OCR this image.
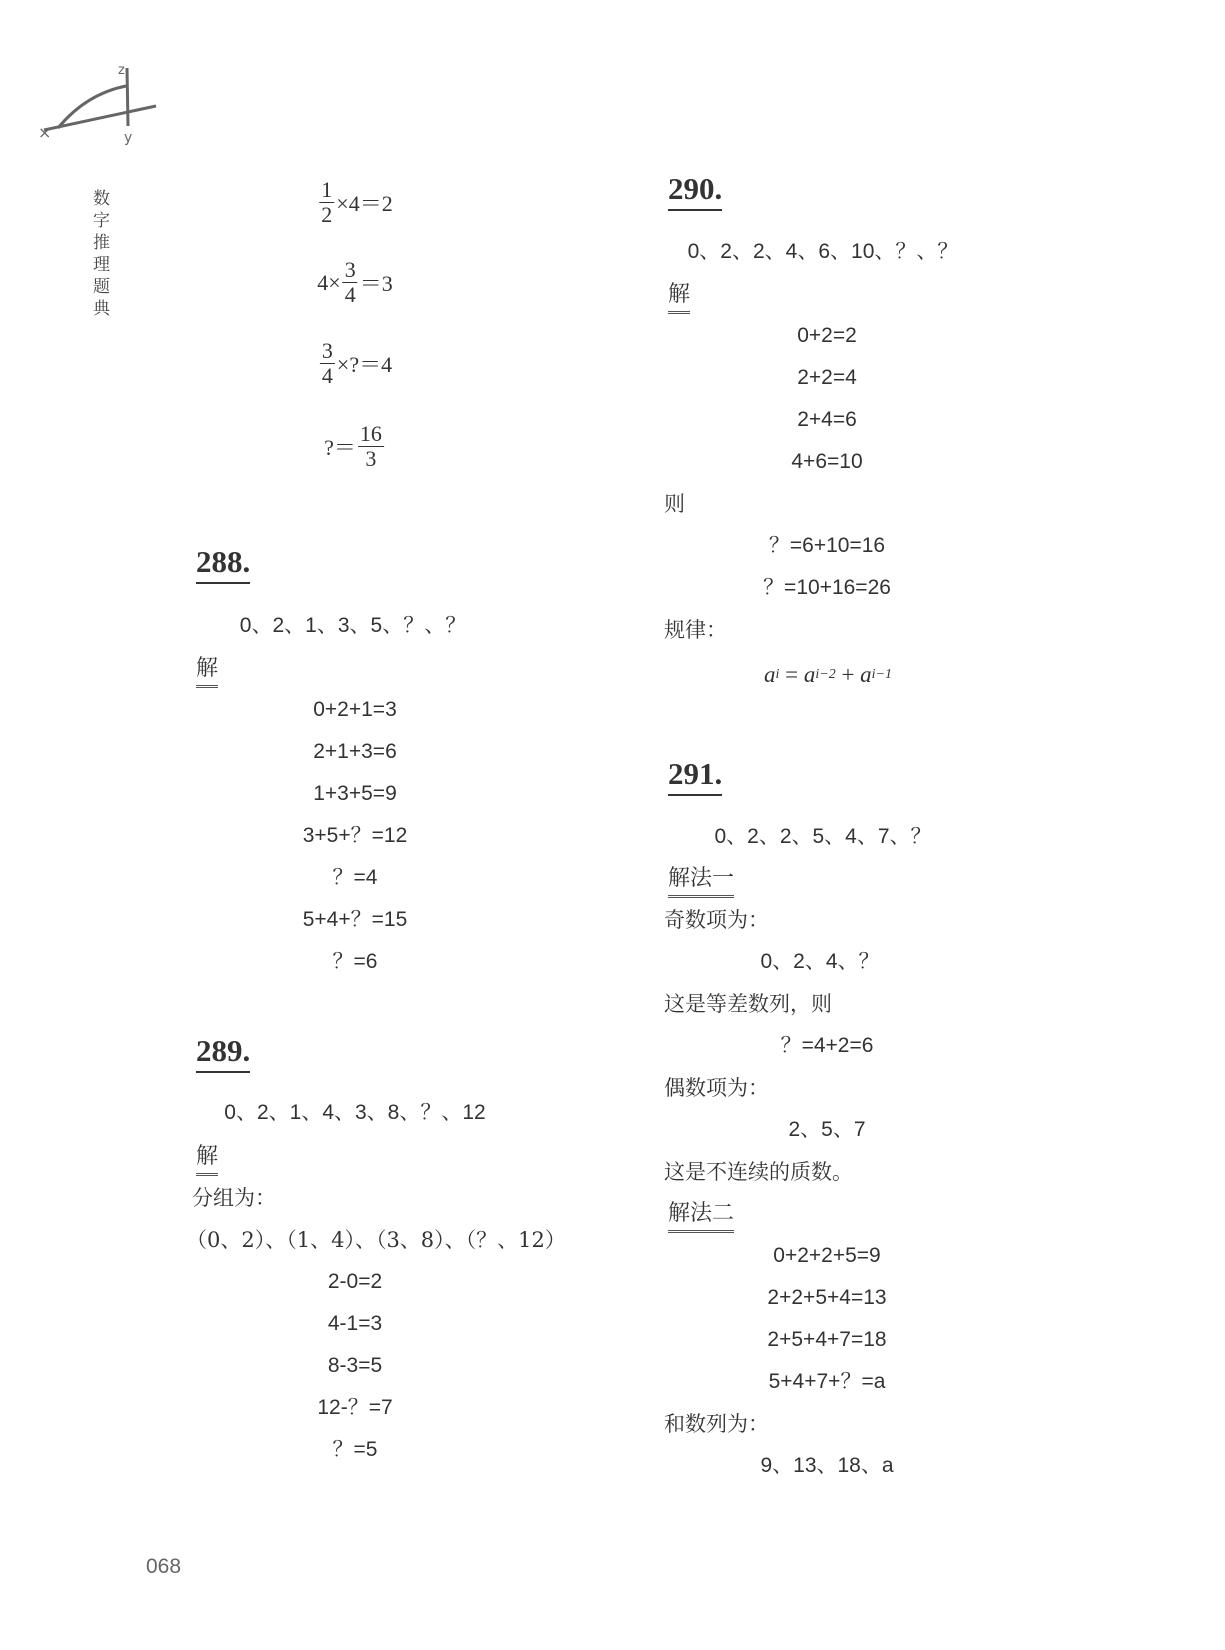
×
z
y
数字推理题典
068
$\frac{1}{2} \times 4=2$
$4\times \frac{3}{4} =3$
$\frac{3}{4}$ ×?＝4
?＝ $\frac{16}{3}$
288.
0、2、1、3、5、？、？
解
0+2+1=3
2+1+3=6
1+3+5=9
3+5+？=12
？=4
5+4+？=15
？=6
289.
0、2、1、4、3、8、？、12
解
分组为：
（0、2）、（1、4）、（3、8）、（？、12）
2-0=2
4-1=3
8-3=5
12-？=7
？=5
290.
0、2、2、4、6、10、？、？
解
0+2=2
2+2=4
2+4=6
4+6=10
则
？=6+10=16
？=10+16=26
规律：
a i = a i−2 + a i−1
291.
0、2、2、5、4、7、？
解法一
奇数项为：
0、2、4、？
这是等差数列，则
？=4+2=6
偶数项为：
2、5、7
这是不连续的质数。
解法二
0+2+2+5=9
2+2+5+4=13
2+5+4+7=18
5+4+7+？=a
和数列为：
9、13、18、a
